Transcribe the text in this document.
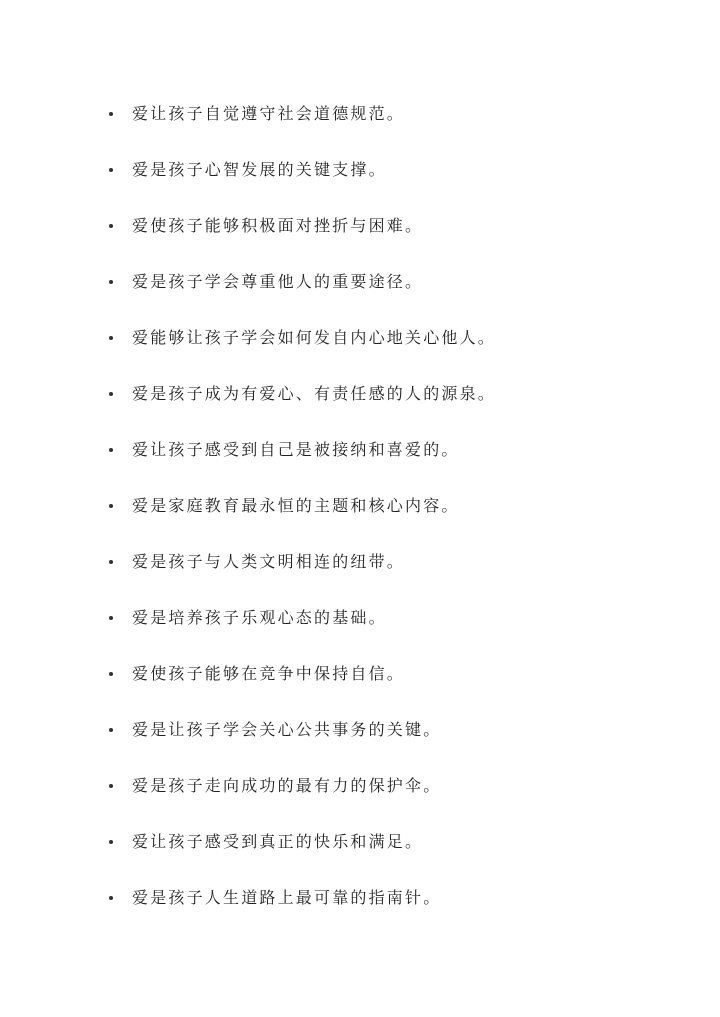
爱让孩子自觉遵守社会道德规范。
爱是孩子心智发展的关键支撑。
爱使孩子能够积极面对挫折与困难。
爱是孩子学会尊重他人的重要途径。
爱能够让孩子学会如何发自内心地关心他人。
爱是孩子成为有爱心、有责任感的人的源泉。
爱让孩子感受到自己是被接纳和喜爱的。
爱是家庭教育最永恒的主题和核心内容。
爱是孩子与人类文明相连的纽带。
爱是培养孩子乐观心态的基础。
爱使孩子能够在竞争中保持自信。
爱是让孩子学会关心公共事务的关键。
爱是孩子走向成功的最有力的保护伞。
爱让孩子感受到真正的快乐和满足。
爱是孩子人生道路上最可靠的指南针。
